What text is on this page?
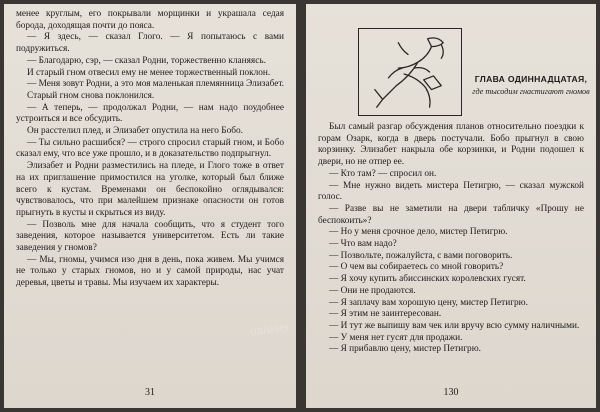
менее круглым, его покрывали морщинки и украшала седая борода, доходящая почти до пояса.

— Я здесь, — сказал Глого. — Я попытаюсь с вами подружиться.

— Благодарю, сэр, — сказал Родни, торжественно кланяясь.

И старый гном отвесил ему не менее торжественный поклон.

— Меня зовут Родни, а это моя маленькая племянница Элизабет.

Старый гном снова поклонился.

— А теперь, — продолжал Родни, — нам надо поудобнее устроиться и все обсудить.

Он расстелил плед, и Элизабет опустила на него Бобо.

— Ты сильно расшибся? — строго спросил старый гном, и Бобо сказал ему, что все уже прошло, и в доказательство подпрыгнул.

Элизабет и Родни разместились на пледе, и Глого тоже в ответ на их приглашение примостился на уголке, который был ближе всего к кустам. Временами он беспокойно оглядывался: чувствовалось, что при малейшем признаке опасности он готов прыгнуть в кусты и скрыться из виду.

— Позволь мне для начала сообщить, что я студент того заведения, которое называется университетом. Есть ли такие заведения у гномов?

— Мы, гномы, учимся изо дня в день, пока живем. Мы учимся не только у старых гномов, но и у самой природы, нас учат деревья, цветы и травы. Мы изучаем их характеры.

31
ГЛАВА ОДИННАДЦАТАЯ,
где тысодим гнастигают гномов

Был самый разгар обсуждения планов относительно поездки к горам Озарк, когда в дверь постучали. Бобо прыгнул в свою корзинку. Элизабет накрыла обе корзинки, и Родни подошел к двери, но не отпер ее.

— Кто там? — спросил он.

— Мне нужно видеть мистера Петигрю, — сказал мужской голос.

— Разве вы не заметили на двери табличку «Прошу не беспокоить»?

— Но у меня срочное дело, мистер Петигрю.

— Что вам надо?

— Позвольте, пожалуйста, с вами поговорить.

— О чем вы собираетесь со мной говорить?

— Я хочу купить абиссинских королевских гусят.

— Они не продаются.

— Я заплачу вам хорошую цену, мистер Петигрю.

— Я этим не заинтересован.

— И тут же выпишу вам чек или вручу всю сумму наличными.

— У меня нет гусят для продажи.

— Я прибавлю цену, мистер Петигрю.

130
ua/user
